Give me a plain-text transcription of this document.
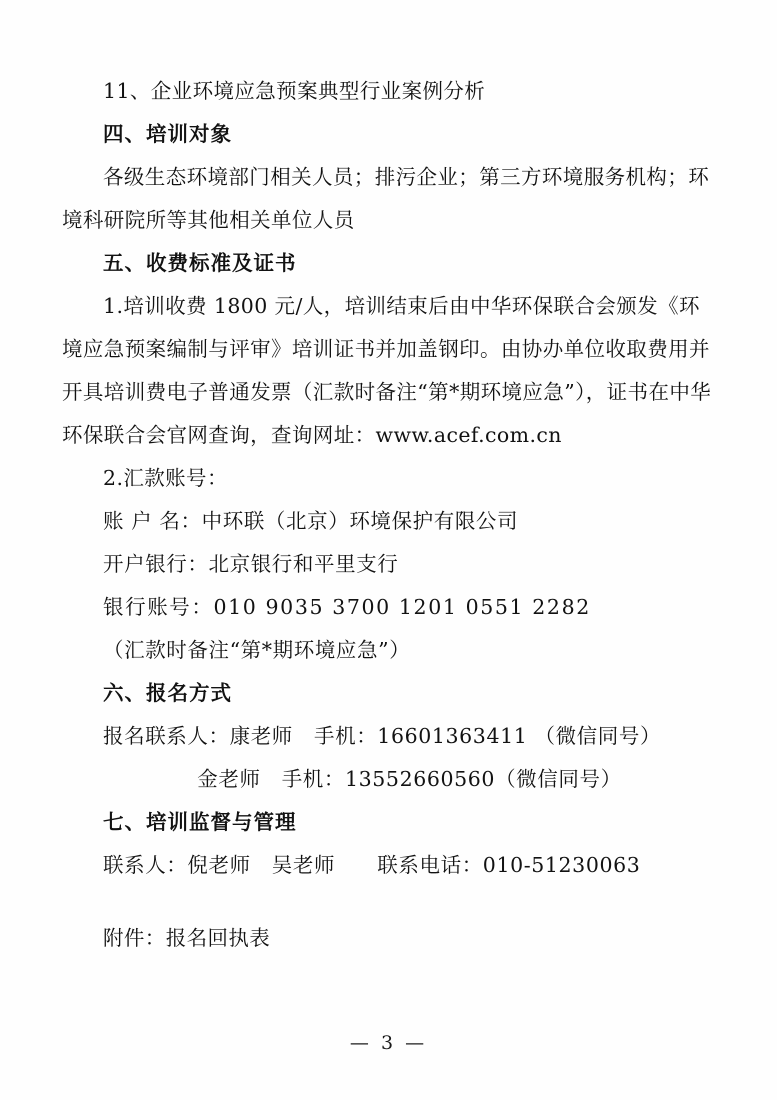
11、企业环境应急预案典型行业案例分析

四、培训对象

各级生态环境部门相关人员；排污企业；第三方环境服务机构；环境科研院所等其他相关单位人员

五、收费标准及证书

1.培训收费 1800 元/人，培训结束后由中华环保联合会颁发《环境应急预案编制与评审》培训证书并加盖钢印。由协办单位收取费用并开具培训费电子普通发票（汇款时备注“第*期环境应急”），证书在中华环保联合会官网查询，查询网址：www.acef.com.cn

2.汇款账号：

账 户 名：中环联（北京）环境保护有限公司

开户银行：北京银行和平里支行

银行账号：010 9035 3700 1201 0551 2282

（汇款时备注“第*期环境应急”）

六、报名方式

报名联系人：康老师　手机：16601363411 （微信同号）

金老师　手机：13552660560（微信同号）

七、培训监督与管理

联系人：倪老师　吴老师　　联系电话：010-51230063

附件：报名回执表

— 3 —
